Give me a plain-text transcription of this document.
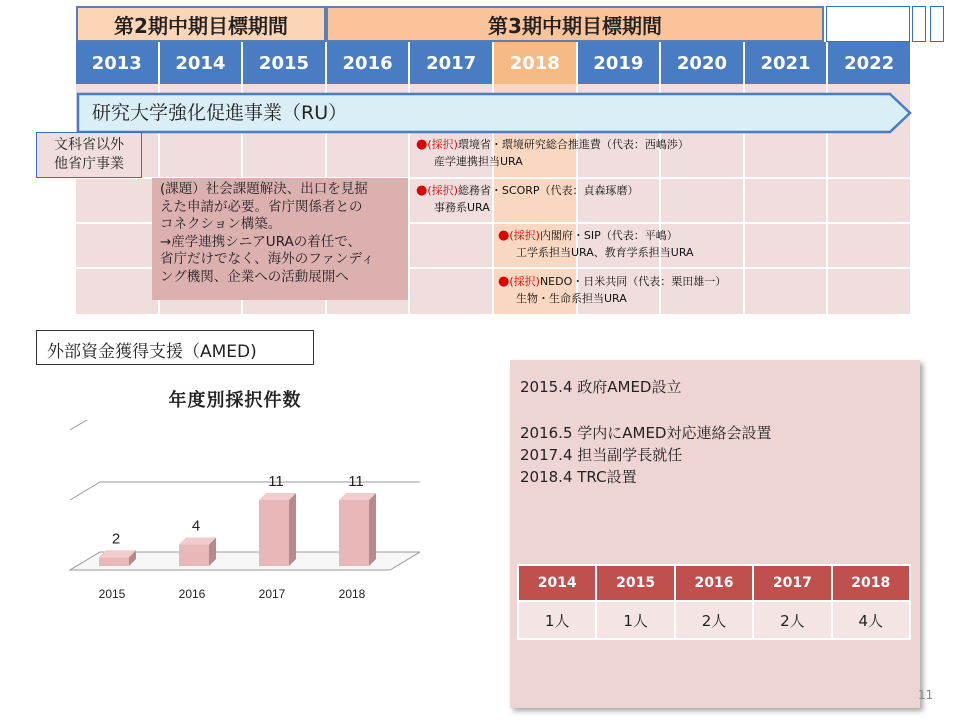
第2期中期目標期間	第3期中期目標期間
2013	2014	2015	2016	2017	2018	2019	2020	2021	2022
研究大学強化促進事業（RU）
文科省以外
他省庁事業
(課題）社会課題解決、出口を見据
えた申請が必要。省庁関係者との
コネクション構築。
→産学連携シニアURAの着任で、
省庁だけでなく、海外のファンディ
ング機関、企業への活動展開へ
●(採択)環境省・環境研究総合推進費（代表：西嶋渉）
産学連携担当URA
●(採択)総務省・SCORP（代表：貞森琢磨）
事務系URA
●(採択)内閣府・SIP（代表：平嶋）
工学系担当URA、教育学系担当URA
●(採択)NEDO・日米共同（代表：栗田雄一）
生物・生命系担当URA
外部資金獲得支援（AMED)
年度別採択件数
2
2015
4
2016
11
2017
11
2018
2015.4 政府AMED設立
2016.5 学内にAMED対応連絡会設置
2017.4 担当副学長就任
2018.4 TRC設置
2014	2015	2016	2017	2018
1人	1人	2人	2人	4人
11
